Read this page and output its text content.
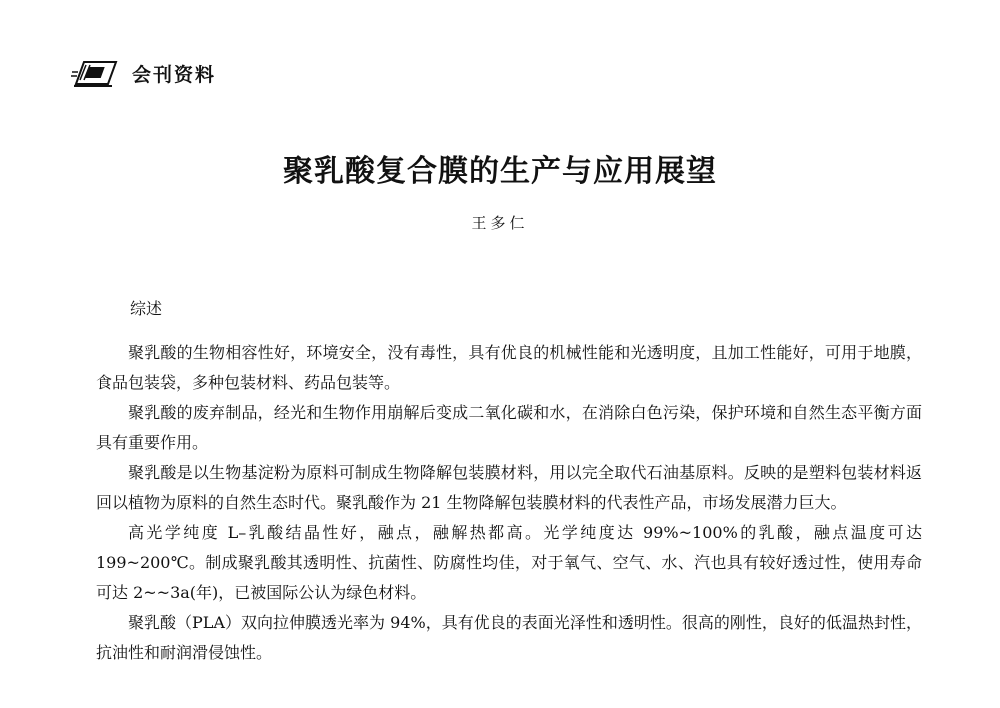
会刊资料
聚乳酸复合膜的生产与应用展望
王多仁
综述

聚乳酸的生物相容性好，环境安全，没有毒性，具有优良的机械性能和光透明度，且加工性能好，可用于地膜，食品包装袋，多种包装材料、药品包装等。

聚乳酸的废弃制品，经光和生物作用崩解后变成二氧化碳和水，在消除白色污染，保护环境和自然生态平衡方面具有重要作用。

聚乳酸是以生物基淀粉为原料可制成生物降解包装膜材料，用以完全取代石油基原料。反映的是塑料包装材料返回以植物为原料的自然生态时代。聚乳酸作为 21 生物降解包装膜材料的代表性产品，市场发展潜力巨大。

高光学纯度 L–乳酸结晶性好，融点，融解热都高。光学纯度达 99%~100%的乳酸，融点温度可达199~200℃。制成聚乳酸其透明性、抗菌性、防腐性均佳，对于氧气、空气、水、汽也具有较好透过性，使用寿命可达 2~~3a(年)，已被国际公认为绿色材料。

聚乳酸（PLA）双向拉伸膜透光率为 94%，具有优良的表面光泽性和透明性。很高的刚性，良好的低温热封性，抗油性和耐润滑侵蚀性。
